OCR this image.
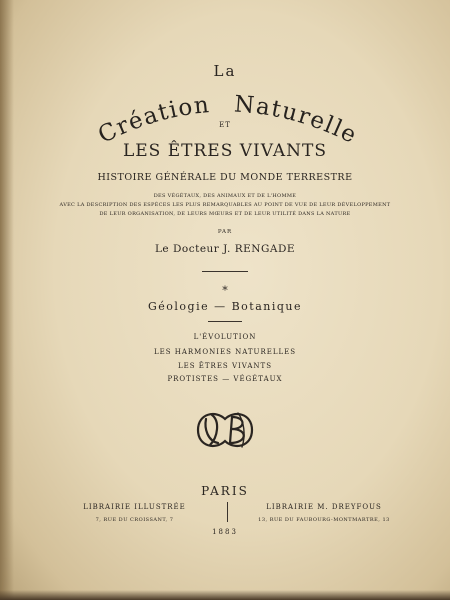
La

Création Naturelle

ET

LES ÊTRES VIVANTS

HISTOIRE GÉNÉRALE DU MONDE TERRESTRE

DES VÉGÉTAUX, DES ANIMAUX ET DE L'HOMME

AVEC LA DESCRIPTION DES ESPÈCES LES PLUS REMARQUABLES AU POINT DE VUE DE LEUR DÉVELOPPEMENT

DE LEUR ORGANISATION, DE LEURS MŒURS ET DE LEUR UTILITÉ DANS LA NATURE

PAR

Le Docteur J. RENGADE

*

Géologie — Botanique

L'ÉVOLUTION

LES HARMONIES NATURELLES

LES ÊTRES VIVANTS

PROTISTES — VÉGÉTAUX

PARIS

LIBRAIRIE ILLUSTRÉE

7, RUE DU CROISSANT, 7

LIBRAIRIE M. DREYFOUS

13, RUE DU FAUBOURG-MONTMARTRE, 13

1883
